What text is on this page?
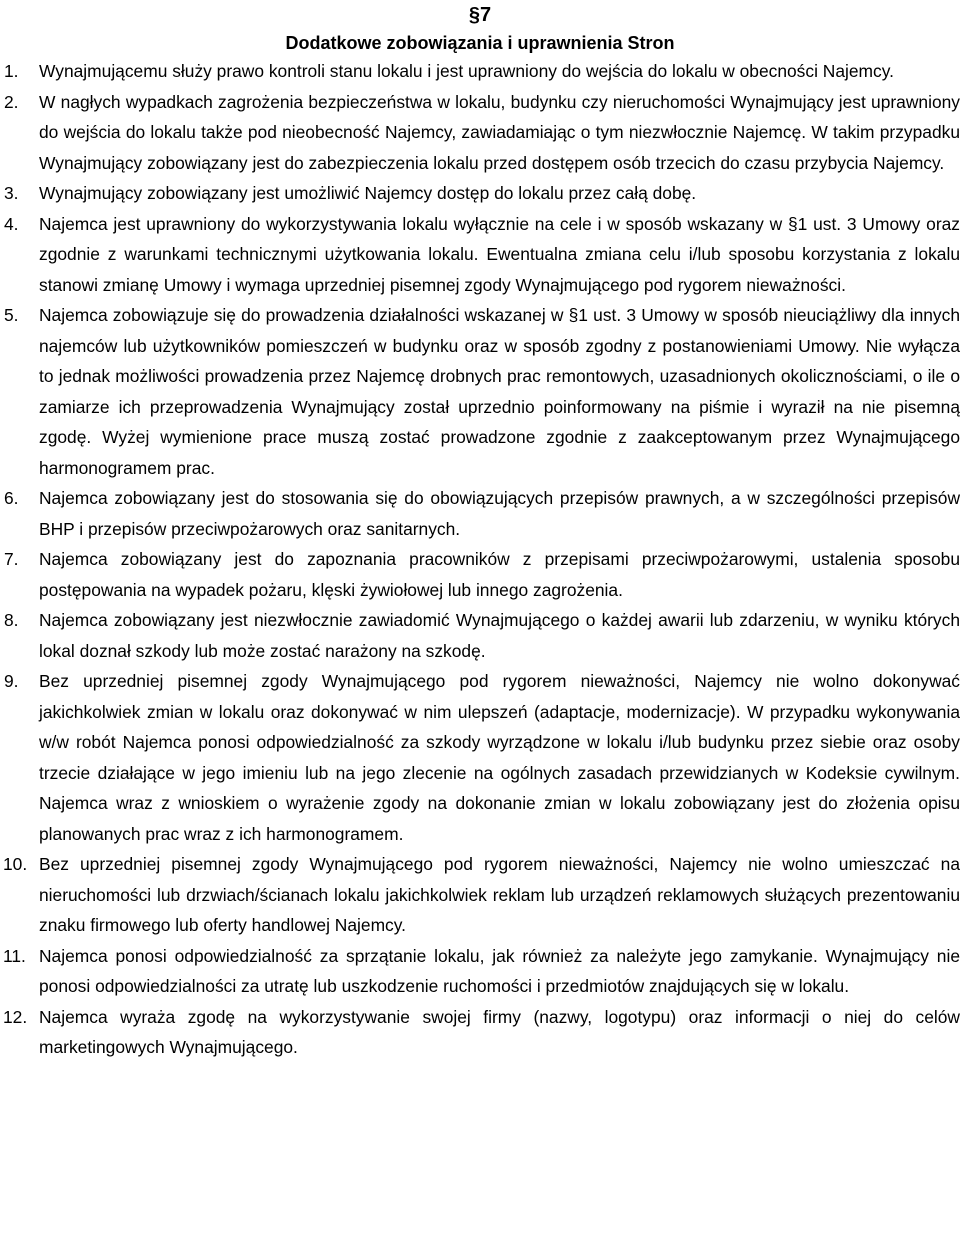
§7
Dodatkowe zobowiązania i uprawnienia Stron
1.	Wynajmującemu służy prawo kontroli stanu lokalu i jest uprawniony do wejścia do lokalu w obecności Najemcy.
2.	W nagłych wypadkach zagrożenia bezpieczeństwa w lokalu, budynku czy nieruchomości Wynajmujący jest uprawniony do wejścia do lokalu także pod nieobecność Najemcy, zawiadamiając o tym niezwłocznie Najemcę. W takim przypadku Wynajmujący zobowiązany jest do zabezpieczenia lokalu przed dostępem osób trzecich do czasu przybycia Najemcy.
3.	Wynajmujący zobowiązany jest umożliwić Najemcy dostęp do lokalu przez całą dobę.
4.	Najemca jest uprawniony do wykorzystywania lokalu wyłącznie na cele i w sposób wskazany w §1 ust. 3 Umowy oraz zgodnie z warunkami technicznymi użytkowania lokalu. Ewentualna zmiana celu i/lub sposobu korzystania z lokalu stanowi zmianę Umowy i wymaga uprzedniej pisemnej zgody Wynajmującego pod rygorem nieważności.
5.	Najemca zobowiązuje się do prowadzenia działalności wskazanej w §1 ust. 3 Umowy w sposób nieuciążliwy dla innych najemców lub użytkowników pomieszczeń w budynku oraz w sposób zgodny z postanowieniami Umowy. Nie wyłącza to jednak możliwości prowadzenia przez Najemcę drobnych prac remontowych, uzasadnionych okolicznościami, o ile o zamiarze ich przeprowadzenia Wynajmujący został uprzednio poinformowany na piśmie i wyraził na nie pisemną zgodę. Wyżej wymienione prace muszą zostać prowadzone zgodnie z zaakceptowanym przez Wynajmującego harmonogramem prac.
6.	Najemca zobowiązany jest do stosowania się do obowiązujących przepisów prawnych, a w szczególności przepisów BHP i przepisów przeciwpożarowych oraz sanitarnych.
7.	Najemca zobowiązany jest do zapoznania pracowników z przepisami przeciwpożarowymi, ustalenia sposobu postępowania na wypadek pożaru, klęski żywiołowej lub innego zagrożenia.
8.	Najemca zobowiązany jest niezwłocznie zawiadomić Wynajmującego o każdej awarii lub zdarzeniu, w wyniku których lokal doznał szkody lub może zostać narażony na szkodę.
9.	Bez uprzedniej pisemnej zgody Wynajmującego pod rygorem nieważności, Najemcy nie wolno dokonywać jakichkolwiek zmian w lokalu oraz dokonywać w nim ulepszeń (adaptacje, modernizacje). W przypadku wykonywania w/w robót Najemca ponosi odpowiedzialność za szkody wyrządzone w lokalu i/lub budynku przez siebie oraz osoby trzecie działające w jego imieniu lub na jego zlecenie na ogólnych zasadach przewidzianych w Kodeksie cywilnym. Najemca wraz z wnioskiem o wyrażenie zgody na dokonanie zmian w lokalu zobowiązany jest do złożenia opisu planowanych prac wraz z ich harmonogramem.
10. Bez uprzedniej pisemnej zgody Wynajmującego pod rygorem nieważności, Najemcy nie wolno umieszczać na nieruchomości lub drzwiach/ścianach lokalu jakichkolwiek reklam lub urządzeń reklamowych służących prezentowaniu znaku firmowego lub oferty handlowej Najemcy.
11. Najemca ponosi odpowiedzialność za sprzątanie lokalu, jak również za należyte jego zamykanie. Wynajmujący nie ponosi odpowiedzialności za utratę lub uszkodzenie ruchomości i przedmiotów znajdujących się w lokalu.
12. Najemca wyraża zgodę na wykorzystywanie swojej firmy (nazwy, logotypu) oraz informacji o niej do celów marketingowych Wynajmującego.
